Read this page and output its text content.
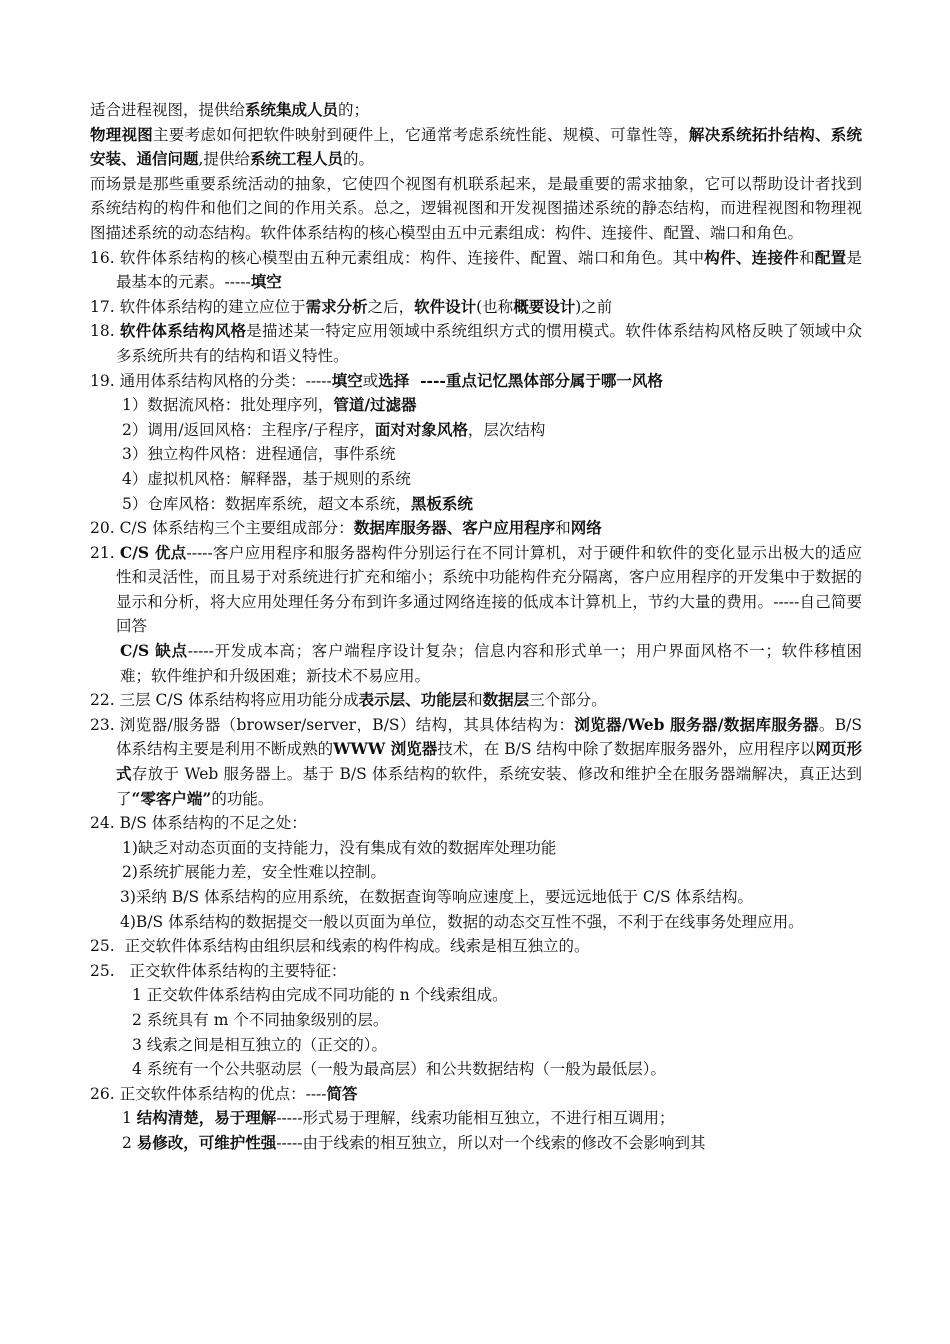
适合进程视图，提供给系统集成人员的；

物理视图主要考虑如何把软件映射到硬件上，它通常考虑系统性能、规模、可靠性等，解决系统拓扑结构、系统安装、通信问题,提供给系统工程人员的。

而场景是那些重要系统活动的抽象，它使四个视图有机联系起来，是最重要的需求抽象，它可以帮助设计者找到系统结构的构件和他们之间的作用关系。总之，逻辑视图和开发视图描述系统的静态结构，而进程视图和物理视图描述系统的动态结构。软件体系结构的核心模型由五中元素组成：构件、连接件、配置、端口和角色。

16. 软件体系结构的核心模型由五种元素组成：构件、连接件、配置、端口和角色。其中构件、连接件和配置是最基本的元素。-----填空

17. 软件体系结构的建立应位于需求分析之后，软件设计(也称概要设计)之前

18. 软件体系结构风格是描述某一特定应用领域中系统组织方式的惯用模式。软件体系结构风格反映了领域中众多系统所共有的结构和语义特性。

19. 通用体系结构风格的分类：-----填空或选择  ----重点记忆黑体部分属于哪一风格

1）数据流风格：批处理序列，管道/过滤器

2）调用/返回风格：主程序/子程序，面对对象风格，层次结构

3）独立构件风格：进程通信，事件系统

4）虚拟机风格：解释器，基于规则的系统

5）仓库风格：数据库系统，超文本系统，黑板系统

20. C/S 体系结构三个主要组成部分：数据库服务器、客户应用程序和网络

21. C/S 优点-----客户应用程序和服务器构件分别运行在不同计算机，对于硬件和软件的变化显示出极大的适应性和灵活性，而且易于对系统进行扩充和缩小；系统中功能构件充分隔离，客户应用程序的开发集中于数据的显示和分析，将大应用处理任务分布到许多通过网络连接的低成本计算机上，节约大量的费用。-----自己简要回答

C/S 缺点-----开发成本高；客户端程序设计复杂；信息内容和形式单一；用户界面风格不一；软件移植困难；软件维护和升级困难；新技术不易应用。

22. 三层 C/S 体系结构将应用功能分成表示层、功能层和数据层三个部分。

23. 浏览器/服务器（browser/server，B/S）结构，其具体结构为：浏览器/Web 服务器/数据库服务器。B/S 体系结构主要是利用不断成熟的WWW 浏览器技术，在 B/S 结构中除了数据库服务器外，应用程序以网页形式存放于 Web 服务器上。基于 B/S 体系结构的软件，系统安装、修改和维护全在服务器端解决，真正达到了“零客户端”的功能。

24. B/S 体系结构的不足之处：

1)缺乏对动态页面的支持能力，没有集成有效的数据库处理功能

2)系统扩展能力差，安全性难以控制。

3)采纳 B/S 体系结构的应用系统，在数据查询等响应速度上，要远远地低于 C/S 体系结构。

4)B/S 体系结构的数据提交一般以页面为单位，数据的动态交互性不强，不利于在线事务处理应用。

25.  正交软件体系结构由组织层和线索的构件构成。线索是相互独立的。

25.   正交软件体系结构的主要特征：

1 正交软件体系结构由完成不同功能的 n 个线索组成。

2 系统具有 m 个不同抽象级别的层。

3 线索之间是相互独立的（正交的）。

4 系统有一个公共驱动层（一般为最高层）和公共数据结构（一般为最低层）。

26. 正交软件体系结构的优点：----简答

1 结构清楚，易于理解-----形式易于理解，线索功能相互独立，不进行相互调用；

2 易修改，可维护性强-----由于线索的相互独立，所以对一个线索的修改不会影响到其
